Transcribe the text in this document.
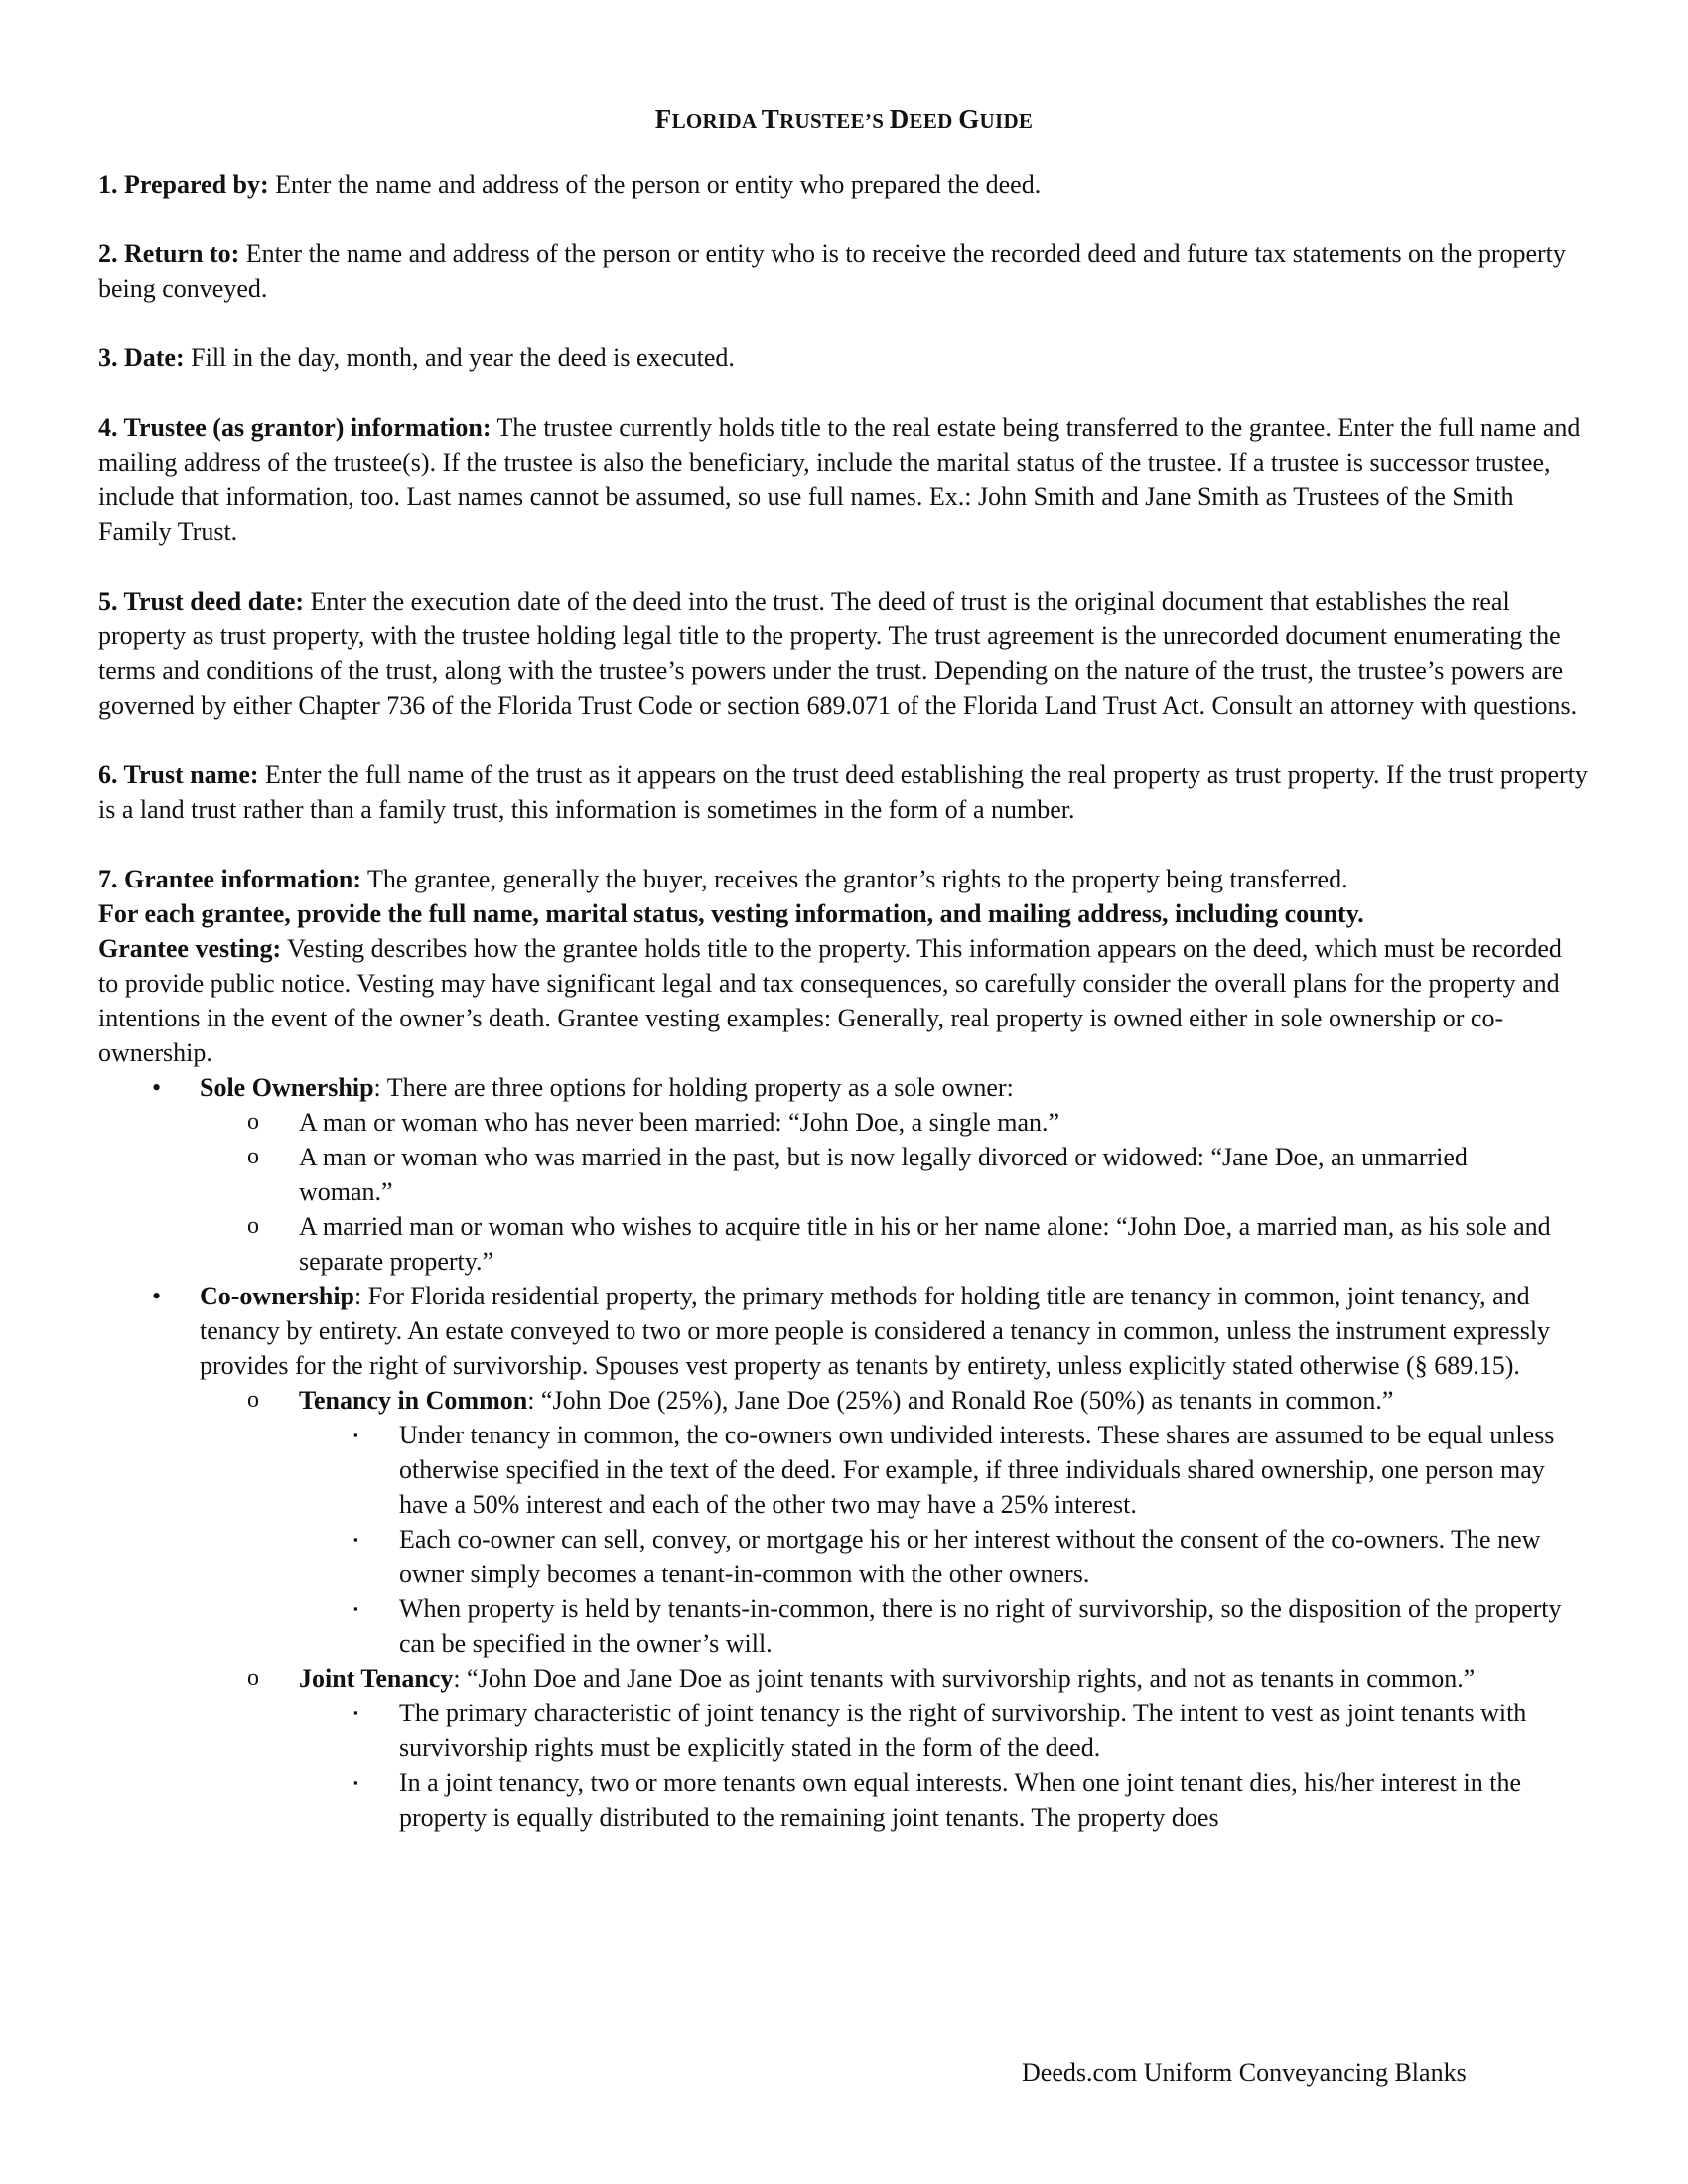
FLORIDA TRUSTEE’S DEED GUIDE

1. Prepared by: Enter the name and address of the person or entity who prepared the deed.

2. Return to: Enter the name and address of the person or entity who is to receive the recorded deed and future tax statements on the property being conveyed.

3. Date: Fill in the day, month, and year the deed is executed.

4. Trustee (as grantor) information: The trustee currently holds title to the real estate being transferred to the grantee. Enter the full name and mailing address of the trustee(s). If the trustee is also the beneficiary, include the marital status of the trustee. If a trustee is successor trustee, include that information, too. Last names cannot be assumed, so use full names. Ex.: John Smith and Jane Smith as Trustees of the Smith Family Trust.

5. Trust deed date: Enter the execution date of the deed into the trust. The deed of trust is the original document that establishes the real property as trust property, with the trustee holding legal title to the property. The trust agreement is the unrecorded document enumerating the terms and conditions of the trust, along with the trustee’s powers under the trust. Depending on the nature of the trust, the trustee’s powers are governed by either Chapter 736 of the Florida Trust Code or section 689.071 of the Florida Land Trust Act. Consult an attorney with questions.

6. Trust name: Enter the full name of the trust as it appears on the trust deed establishing the real property as trust property. If the trust property is a land trust rather than a family trust, this information is sometimes in the form of a number.

7. Grantee information: The grantee, generally the buyer, receives the grantor’s rights to the property being transferred.

For each grantee, provide the full name, marital status, vesting information, and mailing address, including county.

Grantee vesting: Vesting describes how the grantee holds title to the property. This information appears on the deed, which must be recorded to provide public notice. Vesting may have significant legal and tax consequences, so carefully consider the overall plans for the property and intentions in the event of the owner’s death. Grantee vesting examples: Generally, real property is owned either in sole ownership or co-ownership.

• Sole Ownership: There are three options for holding property as a sole owner:
o A man or woman who has never been married: “John Doe, a single man.”
o A man or woman who was married in the past, but is now legally divorced or widowed: “Jane Doe, an unmarried woman.”
o A married man or woman who wishes to acquire title in his or her name alone: “John Doe, a married man, as his sole and separate property.”
• Co-ownership: For Florida residential property, the primary methods for holding title are tenancy in common, joint tenancy, and tenancy by entirety. An estate conveyed to two or more people is considered a tenancy in common, unless the instrument expressly provides for the right of survivorship. Spouses vest property as tenants by entirety, unless explicitly stated otherwise (§ 689.15).
o Tenancy in Common: “John Doe (25%), Jane Doe (25%) and Ronald Roe (50%) as tenants in common.”
▪ Under tenancy in common, the co-owners own undivided interests. These shares are assumed to be equal unless otherwise specified in the text of the deed. For example, if three individuals shared ownership, one person may have a 50% interest and each of the other two may have a 25% interest.
▪ Each co-owner can sell, convey, or mortgage his or her interest without the consent of the co-owners. The new owner simply becomes a tenant-in-common with the other owners.
▪ When property is held by tenants-in-common, there is no right of survivorship, so the disposition of the property can be specified in the owner’s will.
o Joint Tenancy: “John Doe and Jane Doe as joint tenants with survivorship rights, and not as tenants in common.”
▪ The primary characteristic of joint tenancy is the right of survivorship. The intent to vest as joint tenants with survivorship rights must be explicitly stated in the form of the deed.
▪ In a joint tenancy, two or more tenants own equal interests. When one joint tenant dies, his/her interest in the property is equally distributed to the remaining joint tenants. The property does
Deeds.com Uniform Conveyancing Blanks
